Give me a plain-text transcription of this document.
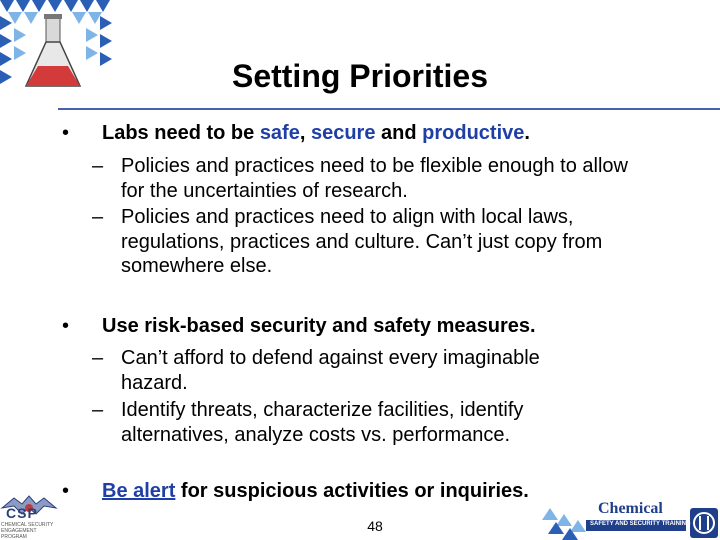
Setting Priorities
• Labs need to be safe, secure and productive.
– Policies and practices need to be flexible enough to allow for the uncertainties of research.
– Policies and practices need to align with local laws, regulations, practices and culture. Can’t just copy from somewhere else.
• Use risk-based security and safety measures.
– Can’t afford to defend against every imaginable hazard.
– Identify threats, characterize facilities, identify alternatives, analyze costs vs. performance.
• Be alert for suspicious activities or inquiries.
CSP
CHEMICAL SECURITY ENGAGEMENT PROGRAM
48
Chemical
SAFETY AND SECURITY TRAINING
